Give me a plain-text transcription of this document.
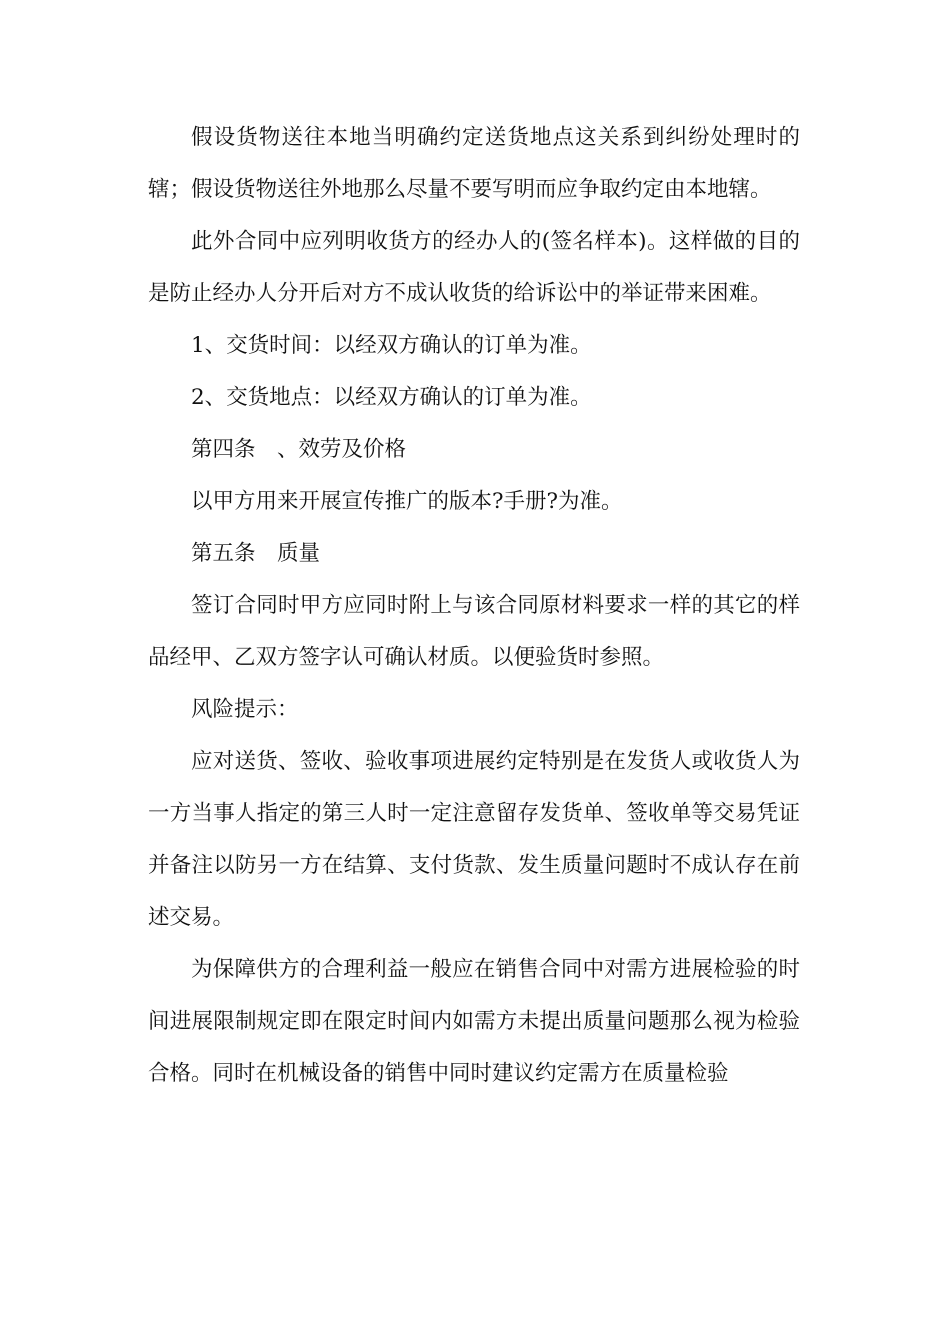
假设货物送往本地当明确约定送货地点这关系到纠纷处理时的辖；假设货物送往外地那么尽量不要写明而应争取约定由本地辖。

此外合同中应列明收货方的经办人的(签名样本)。这样做的目的是防止经办人分开后对方不成认收货的给诉讼中的举证带来困难。

1、交货时间：以经双方确认的订单为准。

2、交货地点：以经双方确认的订单为准。

第四条　、效劳及价格

以甲方用来开展宣传推广的版本?手册?为准。

第五条　质量

签订合同时甲方应同时附上与该合同原材料要求一样的其它的样品经甲、乙双方签字认可确认材质。以便验货时参照。

风险提示：

应对送货、签收、验收事项进展约定特别是在发货人或收货人为一方当事人指定的第三人时一定注意留存发货单、签收单等交易凭证并备注以防另一方在结算、支付货款、发生质量问题时不成认存在前述交易。

为保障供方的合理利益一般应在销售合同中对需方进展检验的时间进展限制规定即在限定时间内如需方未提出质量问题那么视为检验合格。同时在机械设备的销售中同时建议约定需方在质量检验
